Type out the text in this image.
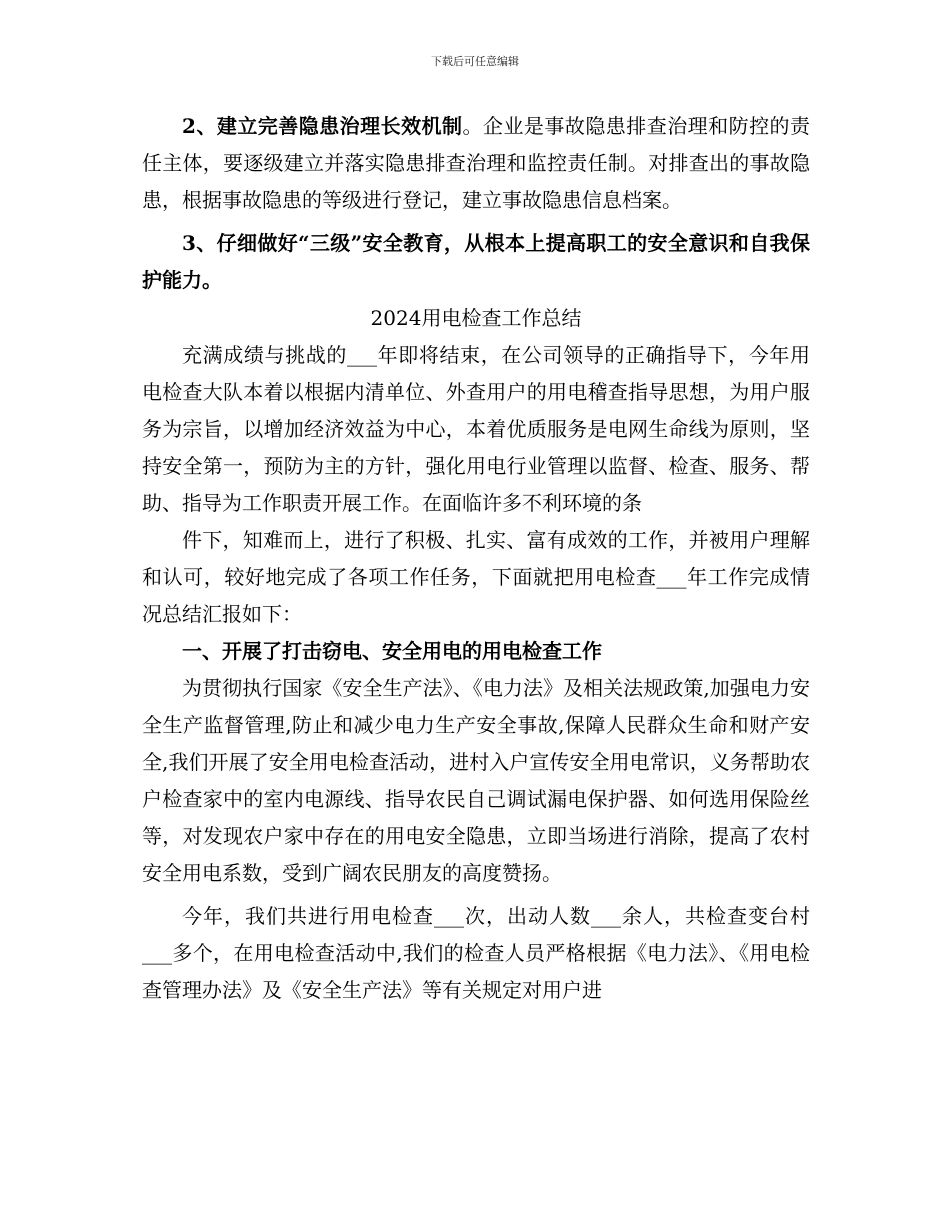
下载后可任意编辑

2、建立完善隐患治理长效机制。企业是事故隐患排查治理和防控的责任主体，要逐级建立并落实隐患排查治理和监控责任制。对排查出的事故隐患，根据事故隐患的等级进行登记，建立事故隐患信息档案。

3、仔细做好“三级”安全教育，从根本上提高职工的安全意识和自我保护能力。

2024用电检查工作总结

充满成绩与挑战的___年即将结束，在公司领导的正确指导下，今年用电检查大队本着以根据内清单位、外查用户的用电稽查指导思想，为用户服务为宗旨，以增加经济效益为中心，本着优质服务是电网生命线为原则，坚持安全第一，预防为主的方针，强化用电行业管理以监督、检查、服务、帮助、指导为工作职责开展工作。在面临许多不利环境的条

件下，知难而上，进行了积极、扎实、富有成效的工作，并被用户理解和认可，较好地完成了各项工作任务，下面就把用电检查___年工作完成情况总结汇报如下：

一、开展了打击窃电、安全用电的用电检查工作

为贯彻执行国家《安全生产法》、《电力法》及相关法规政策,加强电力安全生产监督管理,防止和减少电力生产安全事故,保障人民群众生命和财产安全,我们开展了安全用电检查活动，进村入户宣传安全用电常识，义务帮助农户检查家中的室内电源线、指导农民自己调试漏电保护器、如何选用保险丝等，对发现农户家中存在的用电安全隐患，立即当场进行消除，提高了农村安全用电系数，受到广阔农民朋友的高度赞扬。

今年，我们共进行用电检查___次，出动人数___余人，共检查变台村___多个，在用电检查活动中,我们的检查人员严格根据《电力法》、《用电检查管理办法》及《安全生产法》等有关规定对用户进
